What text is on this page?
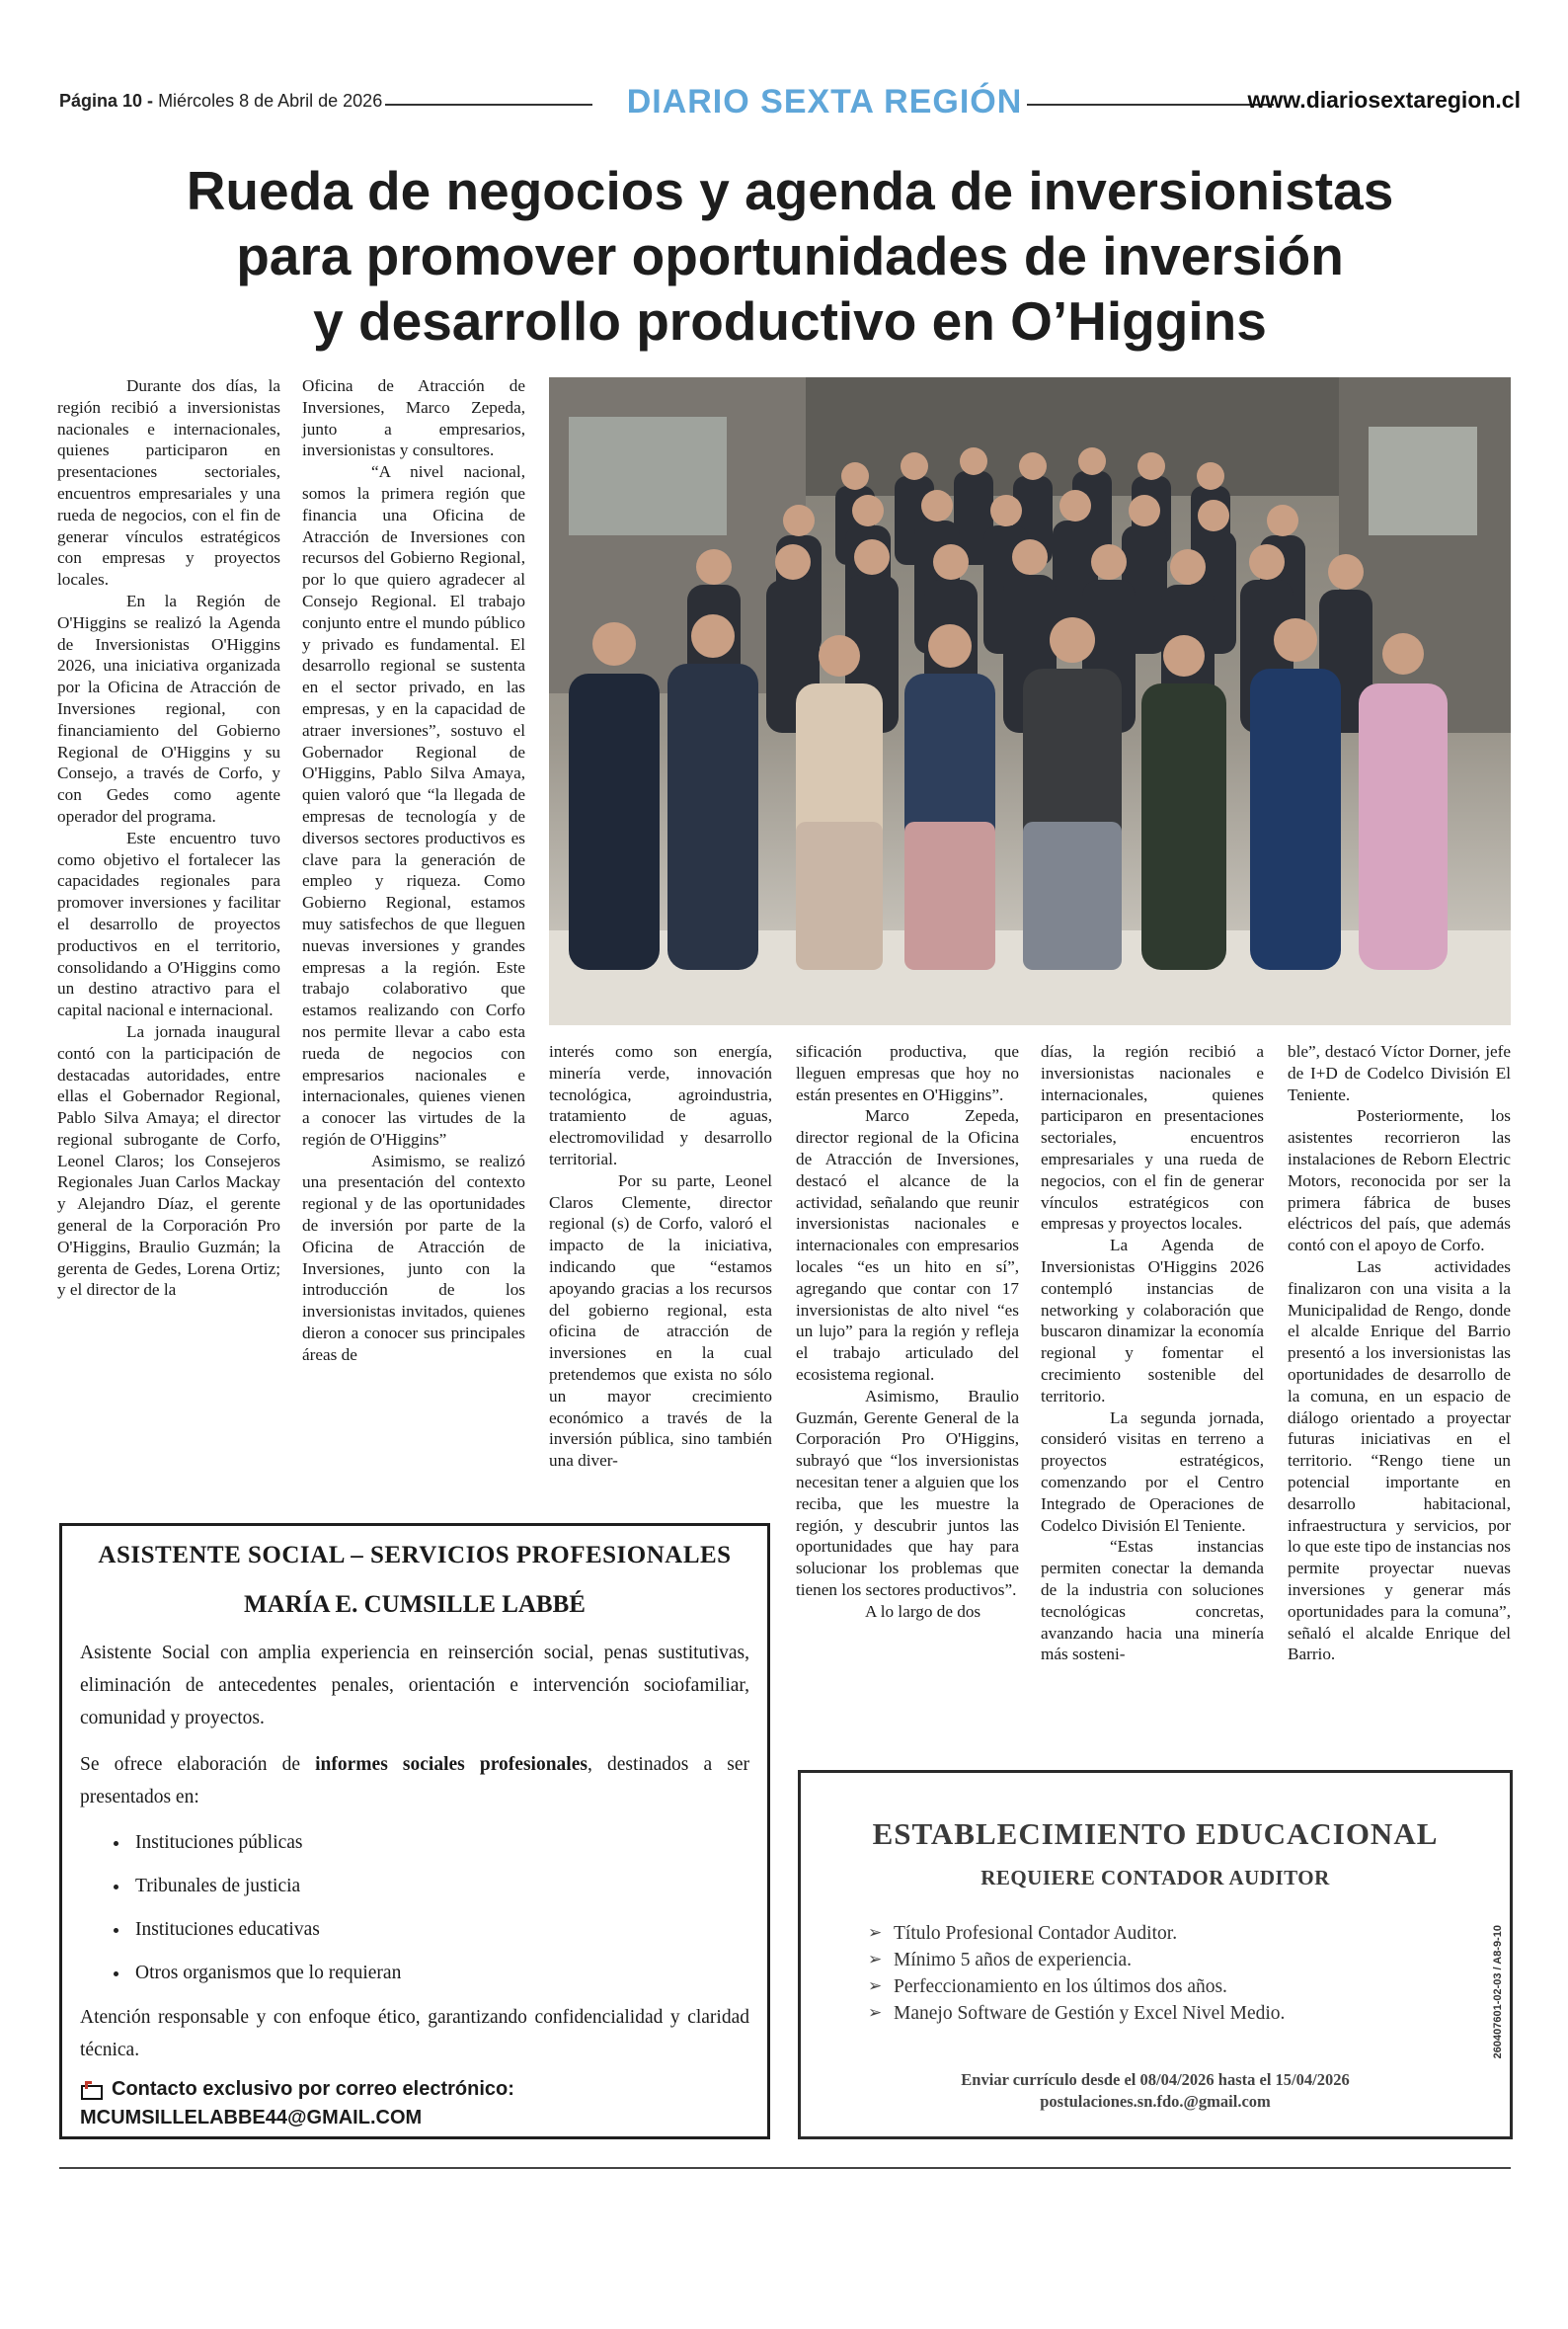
Página 10 - Miércoles 8 de Abril de 2026	DIARIO SEXTA REGIÓN	www.diariosextaregion.cl
Rueda de negocios y agenda de inversionistas
para promover oportunidades de inversión
y desarrollo productivo en O’Higgins

Durante dos días, la región recibió a inversionistas nacionales e internacionales, quienes participaron en presentaciones sectoriales, encuentros empresariales y una rueda de negocios, con el fin de generar vínculos estratégicos con empresas y proyectos locales.

En la Región de O'Higgins se realizó la Agenda de Inversionistas O'Higgins 2026, una iniciativa organizada por la Oficina de Atracción de Inversiones regional, con financiamiento del Gobierno Regional de O'Higgins y su Consejo, a través de Corfo, y con Gedes como agente operador del programa.

Este encuentro tuvo como objetivo el fortalecer las capacidades regionales para promover inversiones y facilitar el desarrollo de proyectos productivos en el territorio, consolidando a O'Higgins como un destino atractivo para el capital nacional e internacional.

La jornada inaugural contó con la participación de destacadas autoridades, entre ellas el Gobernador Regional, Pablo Silva Amaya; el director regional subrogante de Corfo, Leonel Claros; los Consejeros Regionales Juan Carlos Mackay y Alejandro Díaz, el gerente general de la Corporación Pro O'Higgins, Braulio Guzmán; la gerenta de Gedes, Lorena Ortiz; y el director de la

Oficina de Atracción de Inversiones, Marco Zepeda, junto a empresarios, inversionistas y consultores.

“A nivel nacional, somos la primera región que financia una Oficina de Atracción de Inversiones con recursos del Gobierno Regional, por lo que quiero agradecer al Consejo Regional. El trabajo conjunto entre el mundo público y privado es fundamental. El desarrollo regional se sustenta en el sector privado, en las empresas, y en la capacidad de atraer inversiones”, sostuvo el Gobernador Regional de O'Higgins, Pablo Silva Amaya, quien valoró que “la llegada de empresas de tecnología y de diversos sectores productivos es clave para la generación de empleo y riqueza. Como Gobierno Regional, estamos muy satisfechos de que lleguen nuevas inversiones y grandes empresas a la región. Este trabajo colaborativo que estamos realizando con Corfo nos permite llevar a cabo esta rueda de negocios con empresarios nacionales e internacionales, quienes vienen a conocer las virtudes de la región de O'Higgins”

Asimismo, se realizó una presentación del contexto regional y de las oportunidades de inversión por parte de la Oficina de Atracción de Inversiones, junto con la introducción de los inversionistas invitados, quienes dieron a conocer sus principales áreas de

interés como son energía, minería verde, innovación tecnológica, agroindustria, tratamiento de aguas, electromovilidad y desarrollo territorial.

Por su parte, Leonel Claros Clemente, director regional (s) de Corfo, valoró el impacto de la iniciativa, indicando que “estamos apoyando gracias a los recursos del gobierno regional, esta oficina de atracción de inversiones en la cual pretendemos que exista no sólo un mayor crecimiento económico a través de la inversión pública, sino también una diver-

sificación productiva, que lleguen empresas que hoy no están presentes en O'Higgins”.

Marco Zepeda, director regional de la Oficina de Atracción de Inversiones, destacó el alcance de la actividad, señalando que reunir inversionistas nacionales e internacionales con empresarios locales “es un hito en sí”, agregando que contar con 17 inversionistas de alto nivel “es un lujo” para la región y refleja el trabajo articulado del ecosistema regional.

Asimismo, Braulio Guzmán, Gerente General de la Corporación Pro O'Higgins, subrayó que “los inversionistas necesitan tener a alguien que los reciba, que les muestre la región, y descubrir juntos las oportunidades que hay para solucionar los problemas que tienen los sectores productivos”.

A lo largo de dos

días, la región recibió a inversionistas nacionales e internacionales, quienes participaron en presentaciones sectoriales, encuentros empresariales y una rueda de negocios, con el fin de generar vínculos estratégicos con empresas y proyectos locales.

La Agenda de Inversionistas O'Higgins 2026 contempló instancias de networking y colaboración que buscaron dinamizar la economía regional y fomentar el crecimiento sostenible del territorio.

La segunda jornada, consideró visitas en terreno a proyectos estratégicos, comenzando por el Centro Integrado de Operaciones de Codelco División El Teniente.

“Estas instancias permiten conectar la demanda de la industria con soluciones tecnológicas concretas, avanzando hacia una minería más sosteni-

ble”, destacó Víctor Dorner, jefe de I+D de Codelco División El Teniente.

Posteriormente, los asistentes recorrieron las instalaciones de Reborn Electric Motors, reconocida por ser la primera fábrica de buses eléctricos del país, que además contó con el apoyo de Corfo.

Las actividades finalizaron con una visita a la Municipalidad de Rengo, donde el alcalde Enrique del Barrio presentó a los inversionistas las oportunidades de desarrollo de la comuna, en un espacio de diálogo orientado a proyectar futuras iniciativas en el territorio. “Rengo tiene un potencial importante en desarrollo habitacional, infraestructura y servicios, por lo que este tipo de instancias nos permite proyectar nuevas inversiones y generar más oportunidades para la comuna”, señaló el alcalde Enrique del Barrio.

ASISTENTE SOCIAL – SERVICIOS PROFESIONALES
MARÍA E. CUMSILLE LABBÉ
Asistente Social con amplia experiencia en reinserción social, penas sustitutivas, eliminación de antecedentes penales, orientación e intervención sociofamiliar, comunidad y proyectos.
Se ofrece elaboración de informes sociales profesionales, destinados a ser presentados en:
Instituciones públicas
Tribunales de justicia
Instituciones educativas
Otros organismos que lo requieran
Atención responsable y con enfoque ético, garantizando confidencialidad y claridad técnica.
Contacto exclusivo por correo electrónico:
MCUMSILLELABBE44@GMAIL.COM
ESTABLECIMIENTO EDUCACIONAL
REQUIERE CONTADOR AUDITOR
➢ Título Profesional Contador Auditor.
➢ Mínimo 5 años de experiencia.
➢ Perfeccionamiento en los últimos dos años.
➢ Manejo Software de Gestión y Excel Nivel Medio.
Enviar currículo desde el 08/04/2026 hasta el 15/04/2026
postulaciones.sn.fdo.@gmail.com
260407601-02-03 / A8-9-10
